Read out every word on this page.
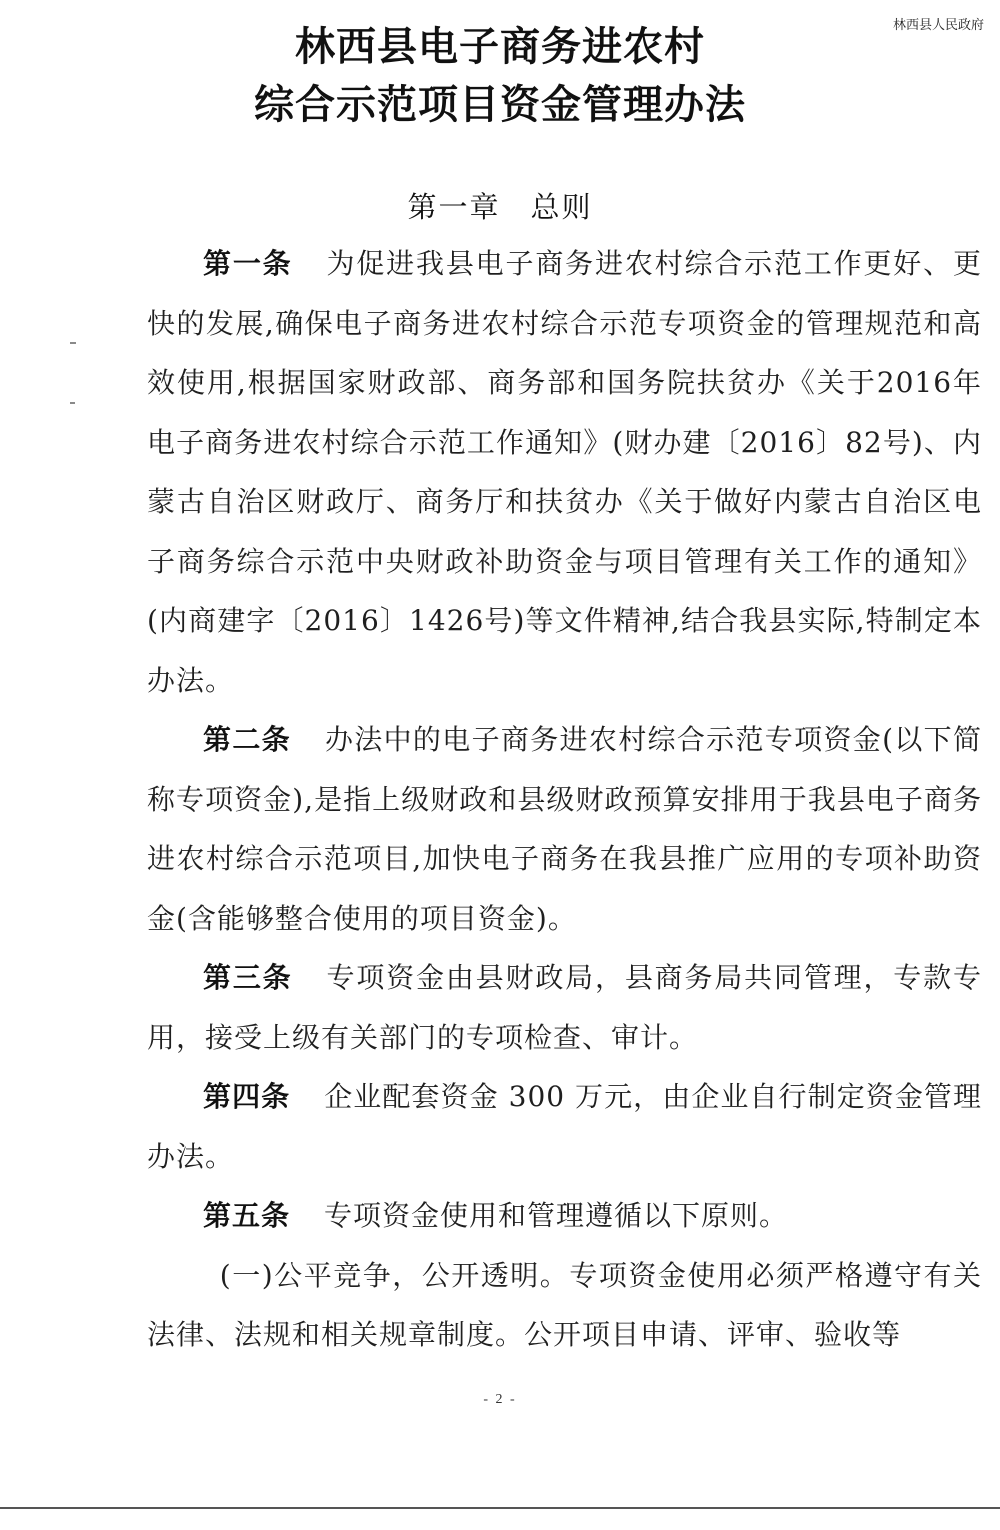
林西县人民政府
林西县电子商务进农村
综合示范项目资金管理办法
第一章 总则

第一条 为促进我县电子商务进农村综合示范工作更好、更快的发展,确保电子商务进农村综合示范专项资金的管理规范和高效使用,根据国家财政部、商务部和国务院扶贫办《关于2016年电子商务进农村综合示范工作通知》(财办建〔2016〕82号)、内蒙古自治区财政厅、商务厅和扶贫办《关于做好内蒙古自治区电子商务综合示范中央财政补助资金与项目管理有关工作的通知》(内商建字〔2016〕1426号)等文件精神,结合我县实际,特制定本办法。

第二条 办法中的电子商务进农村综合示范专项资金(以下简称专项资金),是指上级财政和县级财政预算安排用于我县电子商务进农村综合示范项目,加快电子商务在我县推广应用的专项补助资金(含能够整合使用的项目资金)。

第三条 专项资金由县财政局，县商务局共同管理，专款专用，接受上级有关部门的专项检查、审计。

第四条 企业配套资金 300 万元，由企业自行制定资金管理办法。

第五条 专项资金使用和管理遵循以下原则。

(一)公平竞争，公开透明。专项资金使用必须严格遵守有关法律、法规和相关规章制度。公开项目申请、评审、验收等

- 2 -
